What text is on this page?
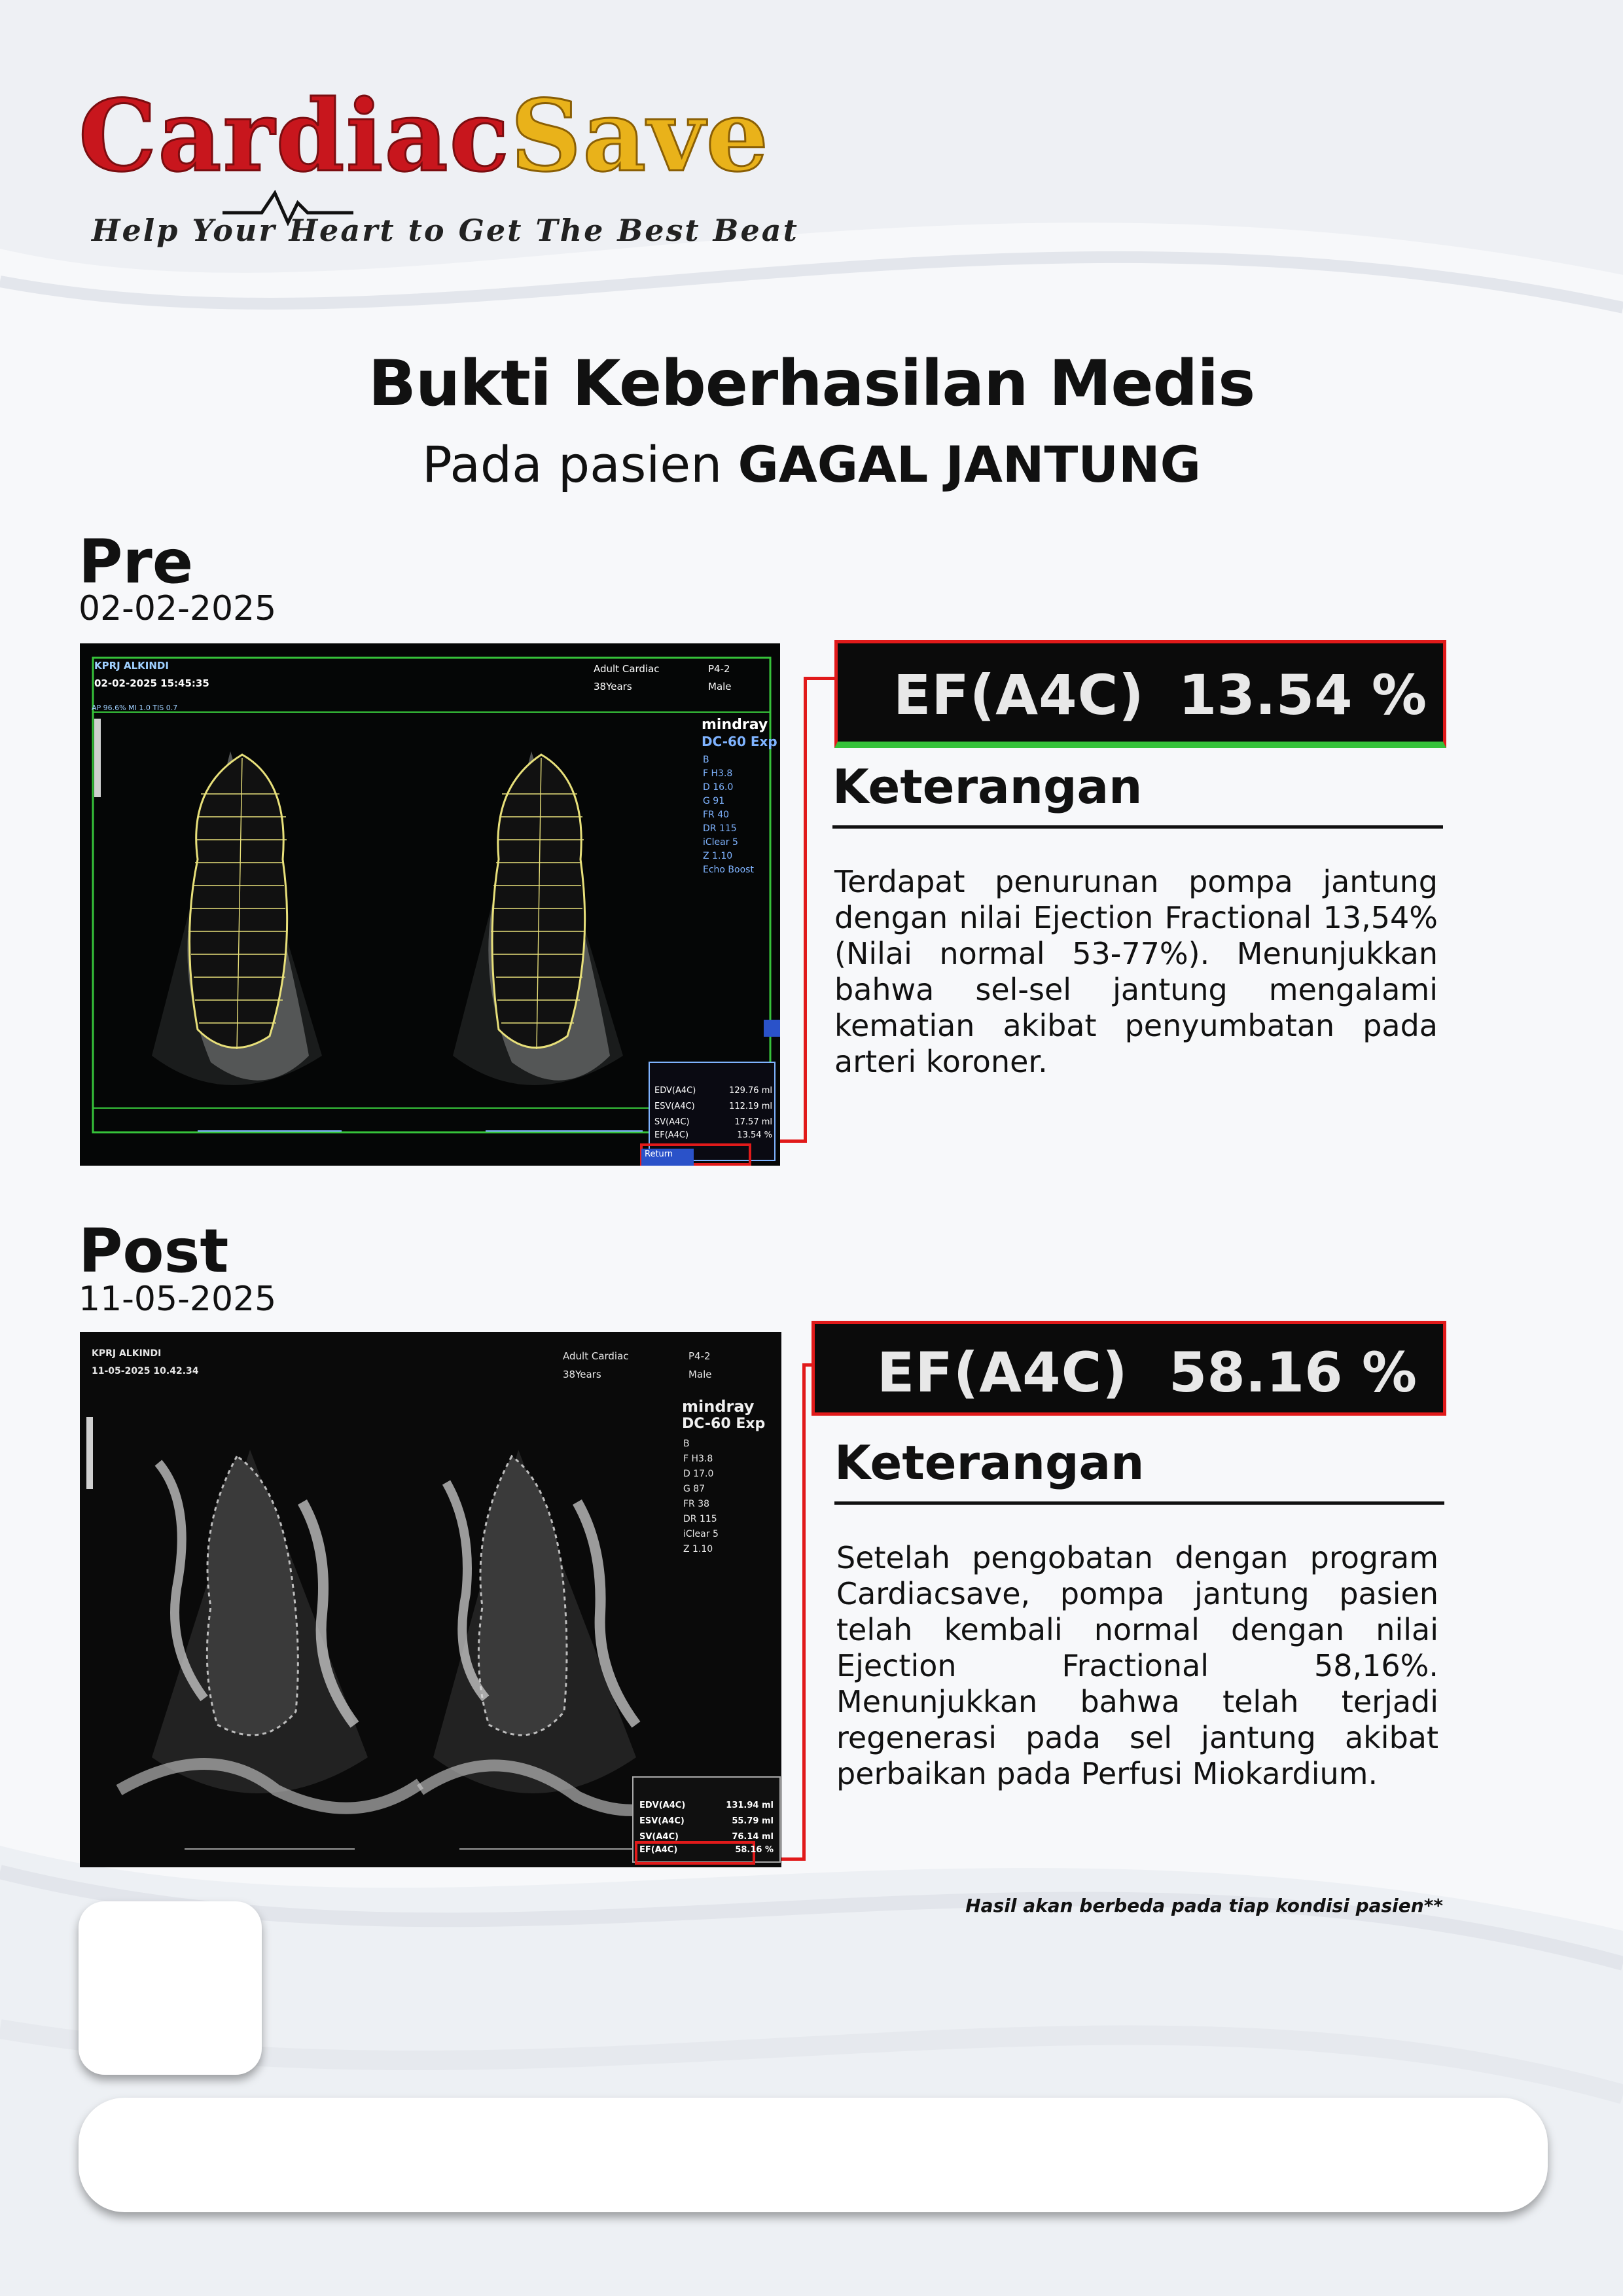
CardiacSave
Help Your Heart to Get The Best Beat
Bukti Keberhasilan Medis
Pada pasien GAGAL JANTUNG
Pre
02-02-2025
KPRJ ALKINDI
02-02-2025 15:45:35
AP 96.6% MI 1.0 TIS 0.7
Adult Cardiac
38Years
P4-2
Male
mindray
DC-60 Exp
B
F H3.8
D 16.0
G 91
FR 40
DR 115
iClear 5
Z 1.10
Echo Boost
EDV(A4C)	129.76 ml
ESV(A4C)	112.19 ml
SV(A4C)	17.57 ml
EF(A4C)	13.54 %
Return
EF(A4C) 13.54 %
Keterangan
Terdapat penurunan pompa jantung dengan nilai Ejection Fractional 13,54% (Nilai normal 53-77%). Menunjukkan bahwa sel-sel jantung mengalami kematian akibat penyumbatan pada arteri koroner.
Post
11-05-2025
KPRJ ALKINDI
11-05-2025 10.42.34
Adult Cardiac
38Years
P4-2
Male
mindray
DC-60 Exp
B
F H3.8
D 17.0
G 87
FR 38
DR 115
iClear 5
Z 1.10
EDV(A4C)	131.94 ml
ESV(A4C)	55.79 ml
SV(A4C)	76.14 ml
EF(A4C)	58.16 %
EF(A4C) 58.16 %
Keterangan
Setelah pengobatan dengan program Cardiacsave, pompa jantung pasien telah kembali normal dengan nilai Ejection Fractional 58,16%. Menunjukkan bahwa telah terjadi regenerasi pada sel jantung akibat perbaikan pada Perfusi Miokardium.
Hasil akan berbeda pada tiap kondisi pasien**
